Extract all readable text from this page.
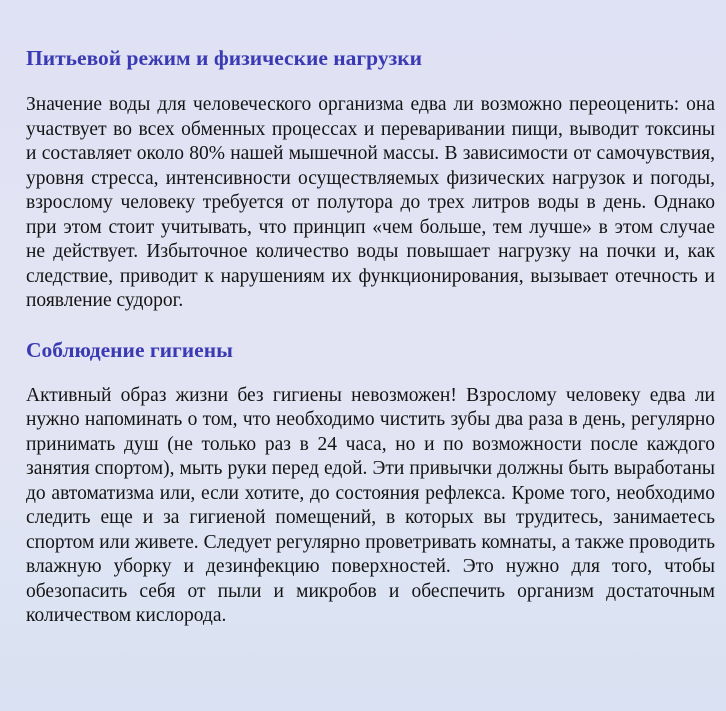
Питьевой режим и физические нагрузки

Значение воды для человеческого организма едва ли возможно переоценить: она участвует во всех обменных процессах и переваривании пищи, выводит токсины и составляет около 80% нашей мышечной массы. В зависимости от самочувствия, уровня стресса, интенсивности осуществляемых физических нагрузок и погоды, взрослому человеку требуется от полутора до трех литров воды в день. Однако при этом стоит учитывать, что принцип «чем больше, тем лучше» в этом случае не действует. Избыточное количество воды повышает нагрузку на почки и, как следствие, приводит к нарушениям их функционирования, вызывает отечность и появление судорог.

Соблюдение гигиены

Активный образ жизни без гигиены невозможен! Взрослому человеку едва ли нужно напоминать о том, что необходимо чистить зубы два раза в день, регулярно принимать душ (не только раз в 24 часа, но и по возможности после каждого занятия спортом), мыть руки перед едой. Эти привычки должны быть выработаны до автоматизма или, если хотите, до состояния рефлекса. Кроме того, необходимо следить еще и за гигиеной помещений, в которых вы трудитесь, занимаетесь спортом или живете. Следует регулярно проветривать комнаты, а также проводить влажную уборку и дезинфекцию поверхностей. Это нужно для того, чтобы обезопасить себя от пыли и микробов и обеспечить организм достаточным количеством кислорода.
